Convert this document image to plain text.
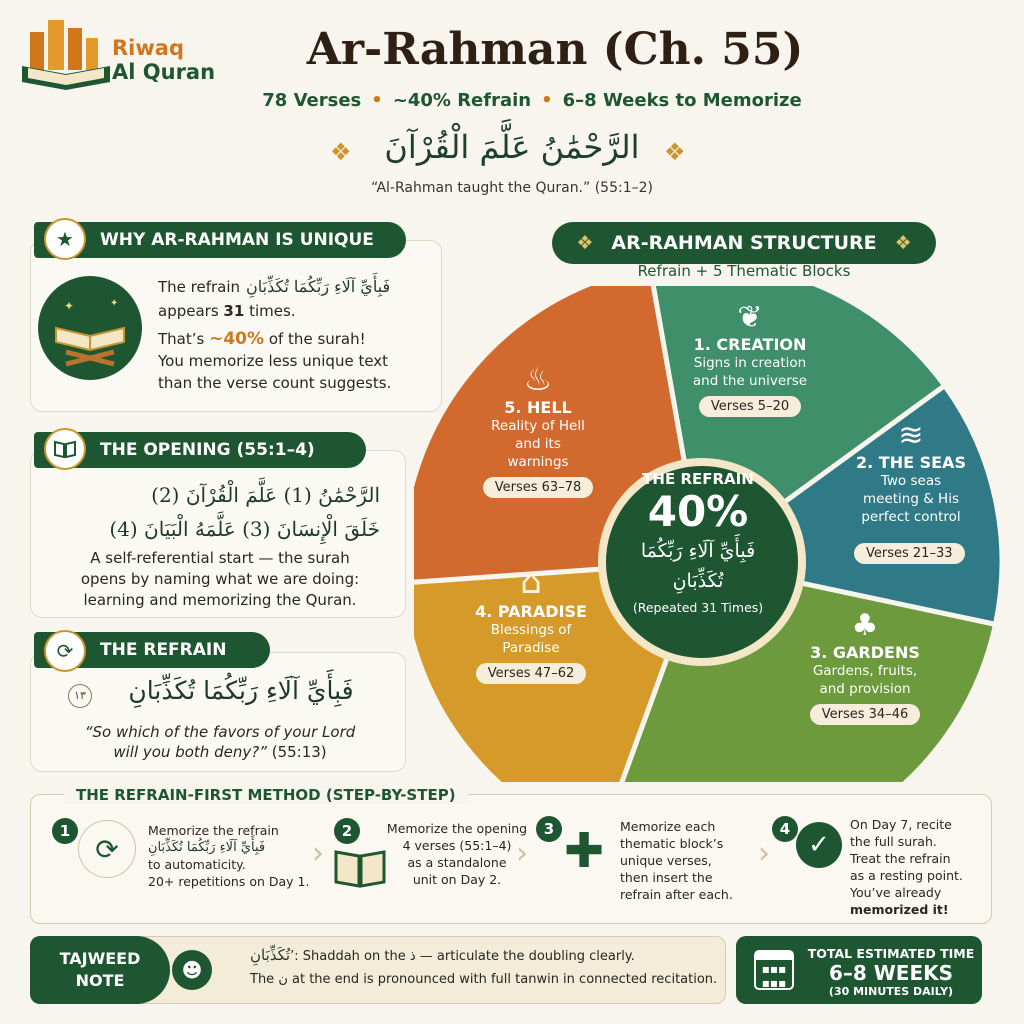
Riwaq
Al Quran	Ar-Rahman (Ch. 55)
78 Verses • ~40% Refrain • 6–8 Weeks to Memorize
❖	❖
الرَّحْمَٰنُ عَلَّمَ الْقُرْآنَ
“Al-Rahman taught the Quran.” (55:1–2)
WHY AR-RAHMAN IS UNIQUE
★
✦	✦
The refrain فَبِأَيِّ آلَاءِ رَبِّكُمَا تُكَذِّبَانِ
appears 31 times.
That’s ~40% of the surah!
You memorize less unique text
than the verse count suggests.
THE OPENING (55:1–4)
الرَّحْمَٰنُ (1) عَلَّمَ الْقُرْآنَ (2)
خَلَقَ الْإِنسَانَ (3) عَلَّمَهُ الْبَيَانَ (4)
A self-referential start — the surah
opens by naming what we are doing:
learning and memorizing the Quran.
THE REFRAIN
⟳
١٣	فَبِأَيِّ آلَاءِ رَبِّكُمَا تُكَذِّبَانِ
“So which of the favors of your Lord
will you both deny?” (55:13)
❖ AR-RAHMAN STRUCTURE ❖
Refrain + 5 Thematic Blocks
❦
1. CREATION
Signs in creation
and the universe
Verses 5–20
≋
2. THE SEAS
Two seas
meeting & His
perfect control
Verses 21–33
♣
3. GARDENS
Gardens, fruits,
and provision
Verses 34–46
⌂
4. PARADISE
Blessings of
Paradise
Verses 47–62
♨
5. HELL
Reality of Hell
and its
warnings
Verses 63–78	THE REFRAIN
40%
فَبِأَيِّ آلَاءِ رَبِّكُمَا تُكَذِّبَانِ
(Repeated 31 Times)
THE REFRAIN-FIRST METHOD (STEP-BY-STEP)
1
⟳
Memorize the refrain
فَبِأَيِّ آلَاءِ رَبِّكُمَا تُكَذِّبَانِ
to automaticity.
20+ repetitions on Day 1.
›
2	Memorize the opening
4 verses (55:1–4)
as a standalone
unit on Day 2.
›
3 ✚ Memorize each
thematic block’s
unique verses,
then insert the
refrain after each.
›
4
✓
On Day 7, recite
the full surah.
Treat the refrain
as a resting point.
You’ve already
memorized it!
TAJWEED
NOTE	☻
تُكَذِّبَانِ’: Shaddah on the ذ — articulate the doubling clearly.
The ن at the end is pronounced with full tanwin in connected recitation.
▪▪▪
▪▪▪
TOTAL ESTIMATED TIME
6–8 WEEKS
(30 MINUTES DAILY)
